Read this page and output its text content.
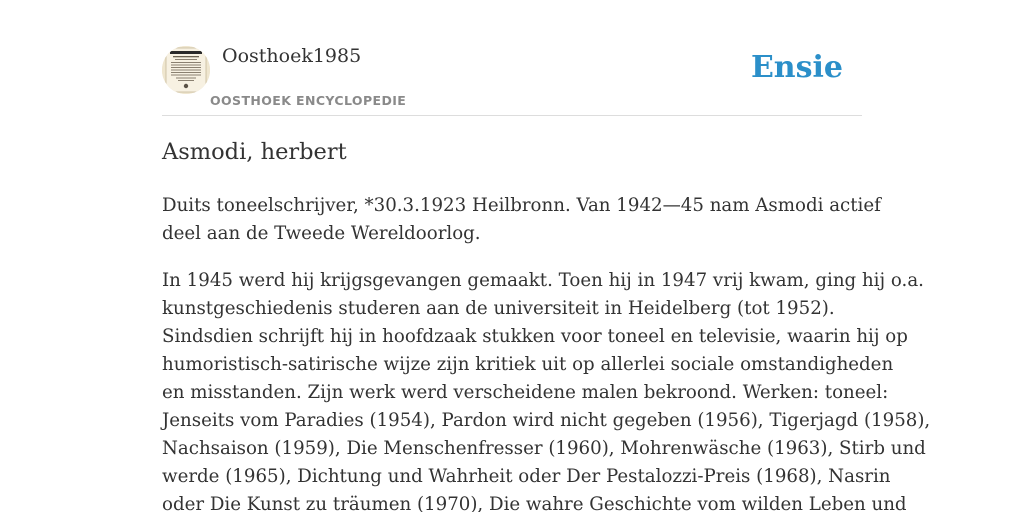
Oosthoek1985
OOSTHOEK ENCYCLOPEDIE
Ensie
Asmodi, herbert

Duits toneelschrijver, *30.3.1923 Heilbronn. Van 1942—45 nam Asmodi actief
deel aan de Tweede Wereldoorlog.

In 1945 werd hij krijgsgevangen gemaakt. Toen hij in 1947 vrij kwam, ging hij o.a.
kunstgeschiedenis studeren aan de universiteit in Heidelberg (tot 1952).
Sindsdien schrijft hij in hoofdzaak stukken voor toneel en televisie, waarin hij op
humoristisch-satirische wijze zijn kritiek uit op allerlei sociale omstandigheden
en misstanden. Zijn werk werd verscheidene malen bekroond. Werken: toneel:
Jenseits vom Paradies (1954), Pardon wird nicht gegeben (1956), Tigerjagd (1958),
Nachsaison (1959), Die Menschenfresser (1960), Mohrenwäsche (1963), Stirb und
werde (1965), Dichtung und Wahrheit oder Der Pestalozzi-Preis (1968), Nasrin
oder Die Kunst zu träumen (1970), Die wahre Geschichte vom wilden Leben und
